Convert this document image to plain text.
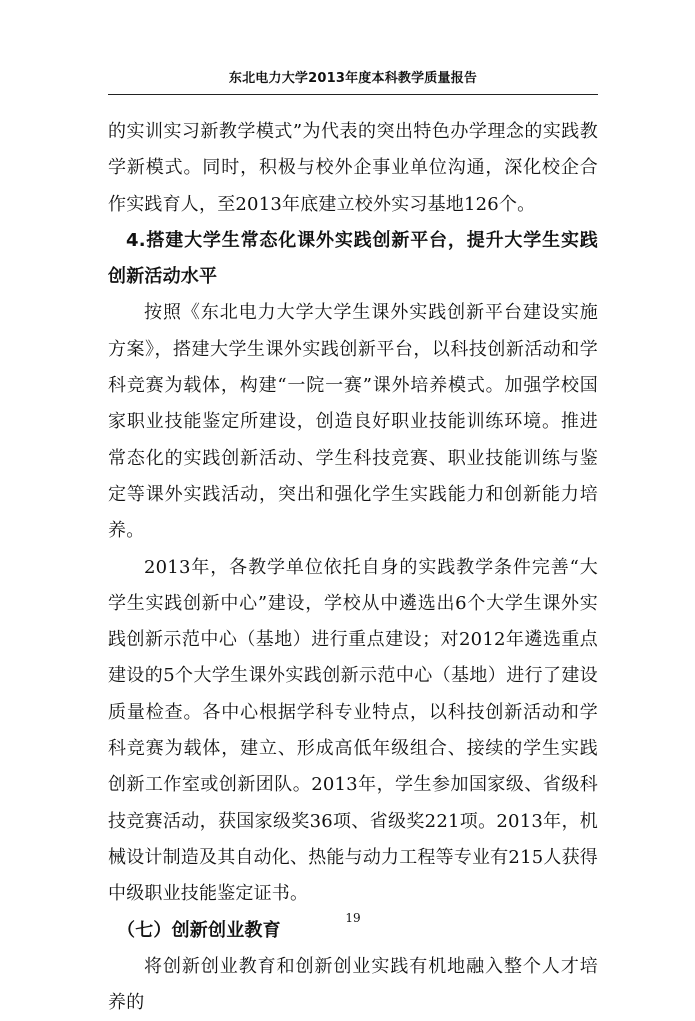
东北电力大学2013年度本科教学质量报告

的实训实习新教学模式”为代表的突出特色办学理念的实践教学新模式。同时，积极与校外企事业单位沟通，深化校企合作实践育人，至2013年底建立校外实习基地126个。

4.搭建大学生常态化课外实践创新平台，提升大学生实践创新活动水平

按照《东北电力大学大学生课外实践创新平台建设实施方案》，搭建大学生课外实践创新平台，以科技创新活动和学科竞赛为载体，构建“一院一赛”课外培养模式。加强学校国家职业技能鉴定所建设，创造良好职业技能训练环境。推进常态化的实践创新活动、学生科技竞赛、职业技能训练与鉴定等课外实践活动，突出和强化学生实践能力和创新能力培养。

2013年，各教学单位依托自身的实践教学条件完善“大学生实践创新中心”建设，学校从中遴选出6个大学生课外实践创新示范中心（基地）进行重点建设；对2012年遴选重点建设的5个大学生课外实践创新示范中心（基地）进行了建设质量检查。各中心根据学科专业特点，以科技创新活动和学科竞赛为载体，建立、形成高低年级组合、接续的学生实践创新工作室或创新团队。2013年，学生参加国家级、省级科技竞赛活动，获国家级奖36项、省级奖221项。2013年，机械设计制造及其自动化、热能与动力工程等专业有215人获得中级职业技能鉴定证书。

（七）创新创业教育

将创新创业教育和创新创业实践有机地融入整个人才培养的

19
